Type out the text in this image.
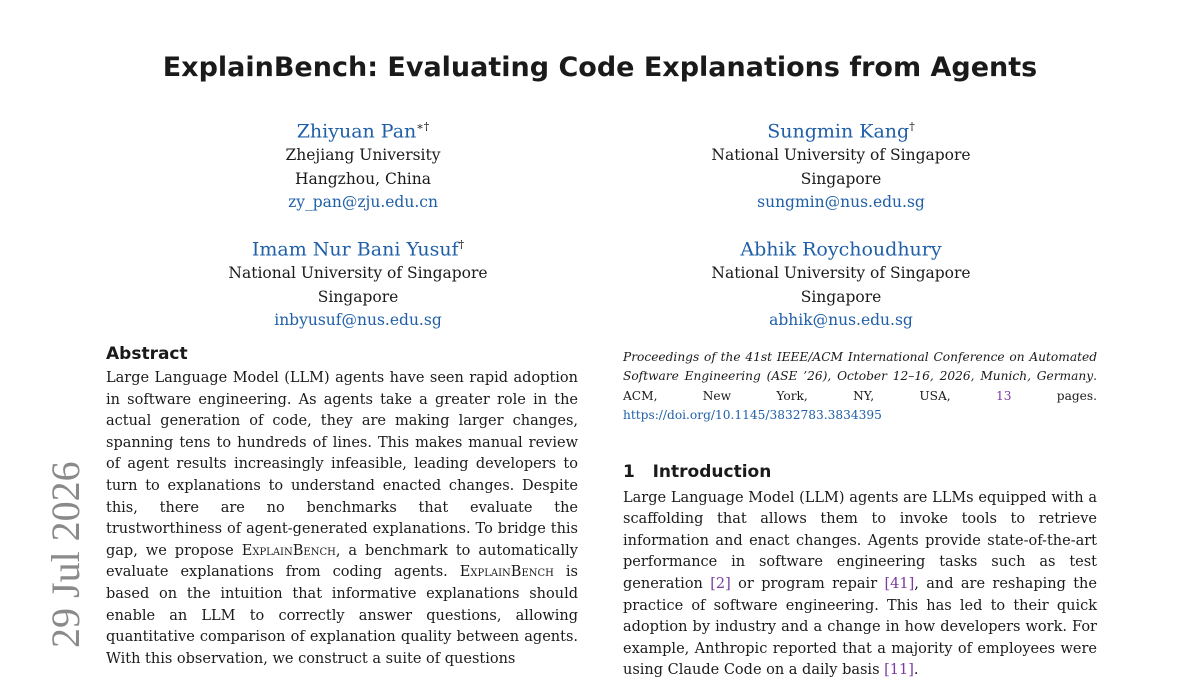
ExplainBench: Evaluating Code Explanations from Agents
Zhiyuan Pan∗†
Zhejiang University
Hangzhou, China
zy_pan@zju.edu.cn
Sungmin Kang†
National University of Singapore
Singapore
sungmin@nus.edu.sg
Imam Nur Bani Yusuf†
National University of Singapore
Singapore
inbyusuf@nus.edu.sg
Abhik Roychoudhury
National University of Singapore
Singapore
abhik@nus.edu.sg
Abstract

Large Language Model (LLM) agents have seen rapid adoption in software engineering. As agents take a greater role in the actual generation of code, they are making larger changes, spanning tens to hundreds of lines. This makes manual review of agent results increasingly infeasible, leading developers to turn to explanations to understand enacted changes. Despite this, there are no benchmarks that evaluate the trustworthiness of agent-generated explanations. To bridge this gap, we propose ExplainBench, a benchmark to automatically evaluate explanations from coding agents. ExplainBench is based on the intuition that informative explanations should enable an LLM to correctly answer questions, allowing quantitative comparison of explanation quality between agents. With this observation, we construct a suite of questions

Proceedings of the 41st IEEE/ACM International Conference on Automated Software Engineering (ASE ’26), October 12–16, 2026, Munich, Germany. ACM, New York, NY, USA, 13 pages. https://doi.org/10.1145/3832783.3834395

1 Introduction

Large Language Model (LLM) agents are LLMs equipped with a scaffolding that allows them to invoke tools to retrieve information and enact changes. Agents provide state-of-the-art performance in software engineering tasks such as test generation [2] or program repair [41], and are reshaping the practice of software engineering. This has led to their quick adoption by industry and a change in how developers work. For example, Anthropic reported that a majority of employees were using Claude Code on a daily basis [11].

29 Jul 2026
